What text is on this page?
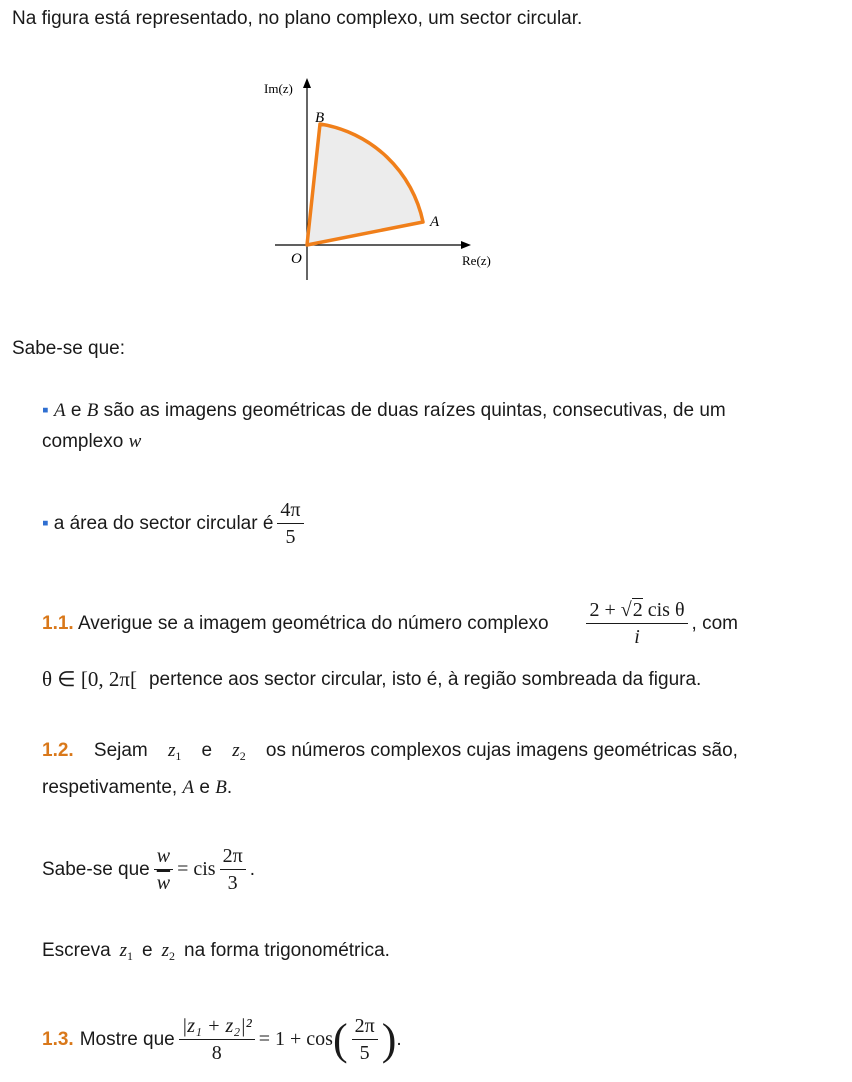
Na figura está representado, no plano complexo, um sector circular.
Im(z)
Re(z)
O
B
A
Sabe-se que:
▪ A e B são as imagens geométricas de duas raízes quintas, consecutivas, de um
complexo w
▪ a área do sector circular é $\frac{4\pi}{5}$
1.1. Averigue se a imagem geométrica do número complexo $\frac{\text{2 + √2 cis θ}}{i}$ , com
θ ∈ [0, 2π[ pertence aos sector circular, isto é, à região sombreada da figura.
1.2. Sejam $z_1$ e $z_2$ os números complexos cujas imagens geométricas são,
respetivamente, A e B.
Sabe-se que $\frac{w}{w}$ = cis $\frac{2\pi}{3}$ .
Escreva $z_1$ e $z_2$ na forma trigonométrica.
1.3. Mostre que $\frac{\text{|z₁ + z₂|²}}{8} = 1 + \cos$ ( $\frac{2\pi}{5}$ ) .
